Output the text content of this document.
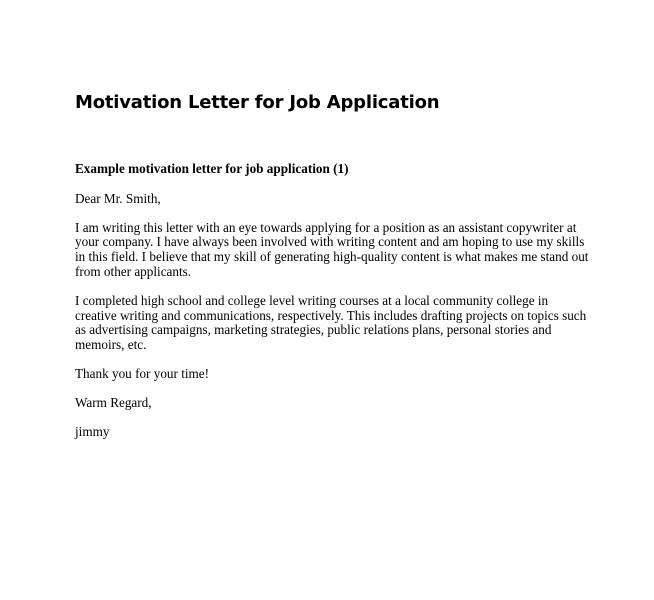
Motivation Letter for Job Application

Example motivation letter for job application (1)

Dear Mr. Smith,

I am writing this letter with an eye towards applying for a position as an assistant copywriter at
your company. I have always been involved with writing content and am hoping to use my skills
in this field. I believe that my skill of generating high-quality content is what makes me stand out
from other applicants.

I completed high school and college level writing courses at a local community college in
creative writing and communications, respectively. This includes drafting projects on topics such
as advertising campaigns, marketing strategies, public relations plans, personal stories and
memoirs, etc.

Thank you for your time!

Warm Regard,

jimmy
